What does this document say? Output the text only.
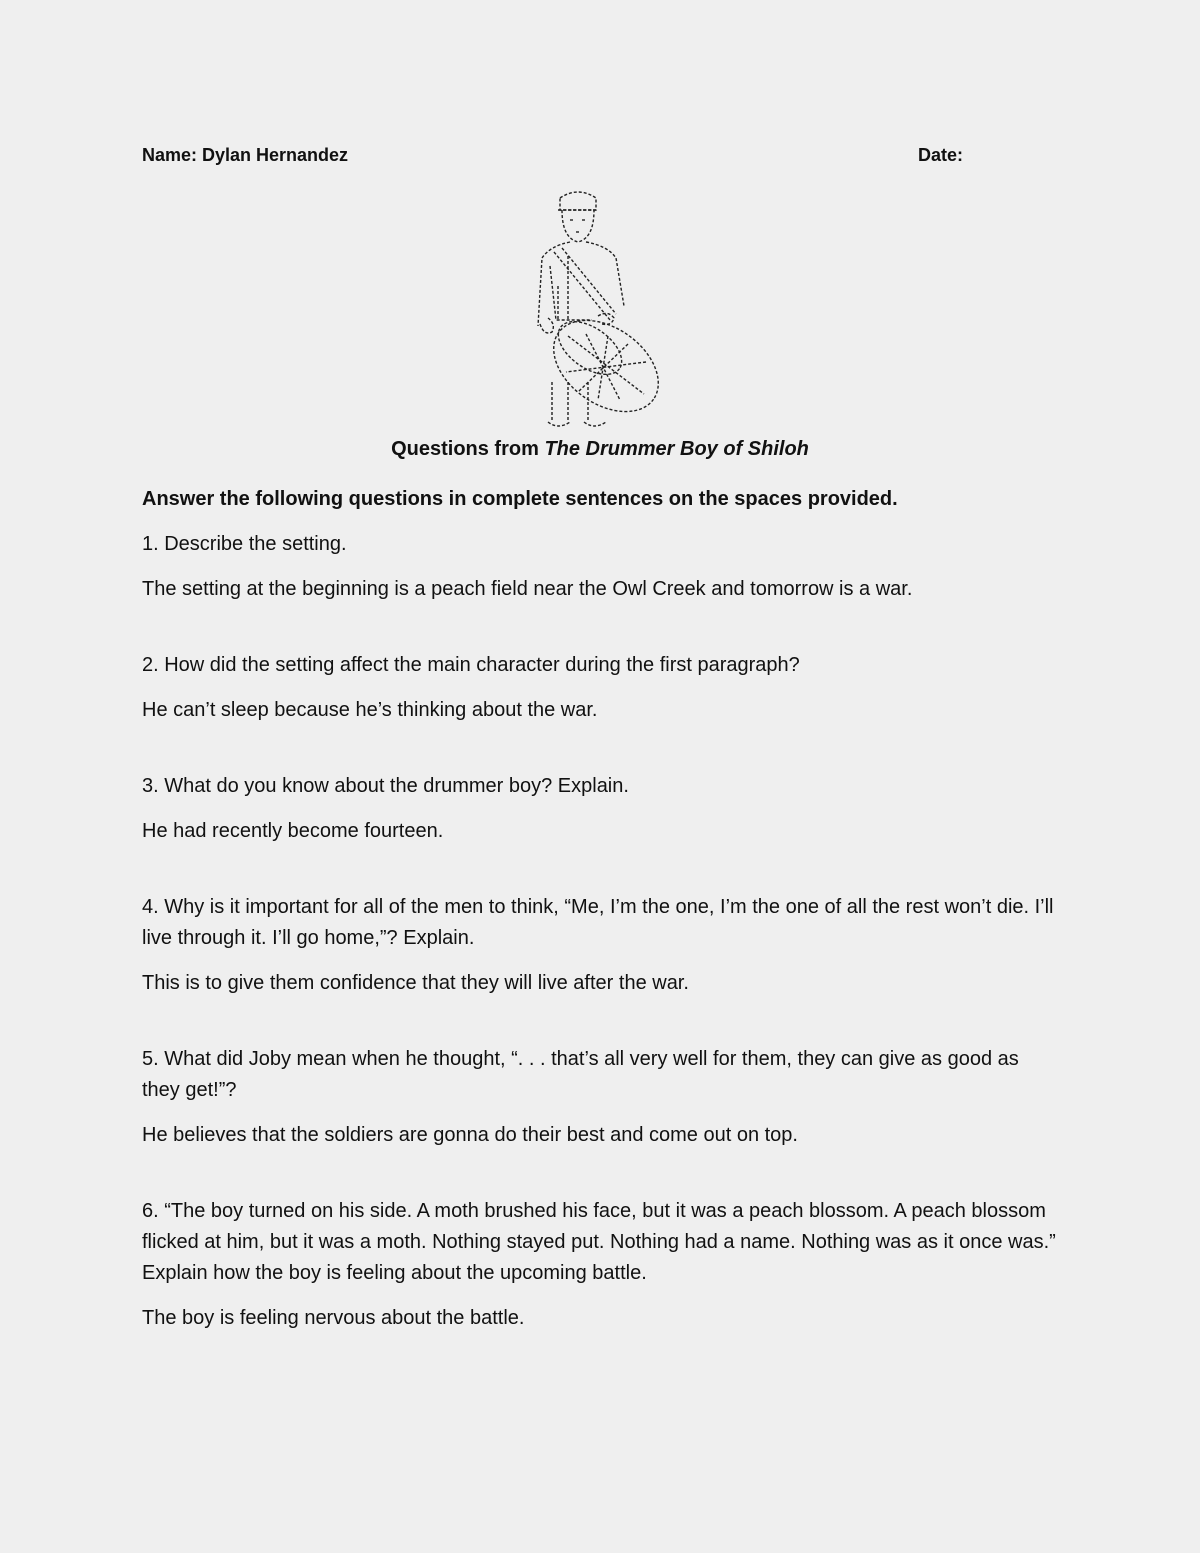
Name: Dylan Hernandez	Date:
Questions from The Drummer Boy of Shiloh

Answer the following questions in complete sentences on the spaces provided.

1. Describe the setting.

The setting at the beginning is a peach field near the Owl Creek and tomorrow is a war.

2. How did the setting affect the main character during the first paragraph?

He can’t sleep because he’s thinking about the war.

3. What do you know about the drummer boy? Explain.

He had recently become fourteen.

4. Why is it important for all of the men to think, “Me, I’m the one, I’m the one of all the rest won’t die. I’ll live through it. I’ll go home,”? Explain.

This is to give them confidence that they will live after the war.

5. What did Joby mean when he thought, “. . . that’s all very well for them, they can give as good as they get!”?

He believes that the soldiers are gonna do their best and come out on top.

6. “The boy turned on his side. A moth brushed his face, but it was a peach blossom. A peach blossom flicked at him, but it was a moth. Nothing stayed put. Nothing had a name. Nothing was as it once was.” Explain how the boy is feeling about the upcoming battle.

The boy is feeling nervous about the battle.
